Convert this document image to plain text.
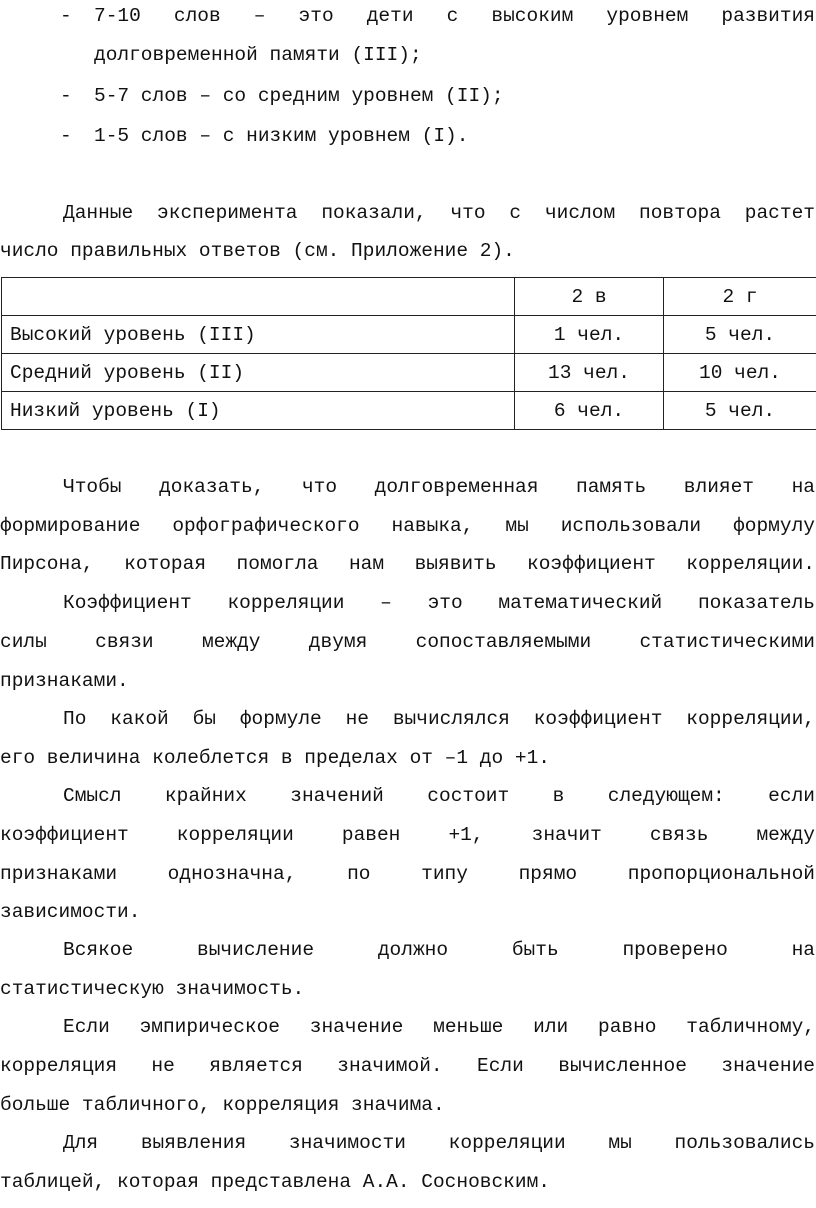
- 7-10 слов – это дети с высоким уровнем развития
долговременной памяти (III);
- 5-7 слов – со средним уровнем (II);
- 1-5 слов – с низким уровнем (I).
Данные эксперимента показали, что с числом повтора растет
число правильных ответов (см. Приложение 2).
	2 в	2 г
Высокий уровень (III)	1 чел.	5 чел.
Средний уровень (II)	13 чел.	10 чел.
Низкий уровень (I)	6 чел.	5 чел.
Чтобы доказать, что долговременная память влияет на
формирование орфографического навыка, мы использовали формулу
Пирсона, которая помогла нам выявить коэффициент корреляции.
Коэффициент корреляции – это математический показатель
силы связи между двумя сопоставляемыми статистическими
признаками.
По какой бы формуле не вычислялся коэффициент корреляции,
его величина колеблется в пределах от –1 до +1.
Смысл крайних значений состоит в следующем: если
коэффициент корреляции равен +1, значит связь между
признаками однозначна, по типу прямо пропорциональной
зависимости.
Всякое вычисление должно быть проверено на
статистическую значимость.
Если эмпирическое значение меньше или равно табличному,
корреляция не является значимой. Если вычисленное значение
больше табличного, корреляция значима.
Для выявления значимости корреляции мы пользовались
таблицей, которая представлена А.А. Сосновским.
